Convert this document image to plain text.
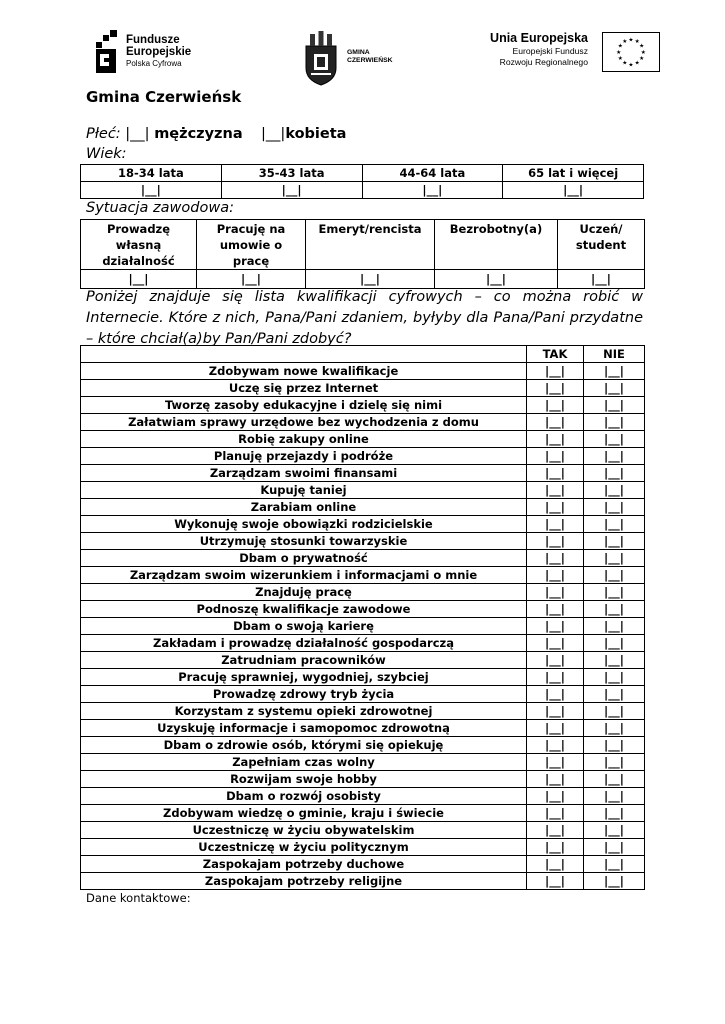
Fundusze
Europejskie
Polska Cyfrowa
GMINA
CZERWIEŃSK
Unia Europejska
Europejski Fundusz
Rozwoju Regionalnego
★ ★
★
★
★
★
★
★
★
★
★
★
Gmina Czerwieńsk
Płeć: |__| mężczyzna |__|kobieta
Wiek:
18-34 lata	35-43 lata	44-64 lata	65 lat i więcej
|__|	|__|	|__|	|__|
Sytuacja zawodowa:
Prowadzę
własną
działalność	Pracuję na
umowie o
pracę	Emeryt/rencista	Bezrobotny(a)	Uczeń/
student
|__|	|__|	|__|	|__|	|__|
Poniżej znajduje się lista kwalifikacji cyfrowych – co można robić w Internecie. Które z nich, Pana/Pani zdaniem, byłyby dla Pana/Pani przydatne – które chciał(a)by Pan/Pani zdobyć?
	TAK	NIE
Zdobywam nowe kwalifikacje	|__|	|__|
Uczę się przez Internet	|__|	|__|
Tworzę zasoby edukacyjne i dzielę się nimi	|__|	|__|
Załatwiam sprawy urzędowe bez wychodzenia z domu	|__|	|__|
Robię zakupy online	|__|	|__|
Planuję przejazdy i podróże	|__|	|__|
Zarządzam swoimi finansami	|__|	|__|
Kupuję taniej	|__|	|__|
Zarabiam online	|__|	|__|
Wykonuję swoje obowiązki rodzicielskie	|__|	|__|
Utrzymuję stosunki towarzyskie	|__|	|__|
Dbam o prywatność	|__|	|__|
Zarządzam swoim wizerunkiem i informacjami o mnie	|__|	|__|
Znajduję pracę	|__|	|__|
Podnoszę kwalifikacje zawodowe	|__|	|__|
Dbam o swoją karierę	|__|	|__|
Zakładam i prowadzę działalność gospodarczą	|__|	|__|
Zatrudniam pracowników	|__|	|__|
Pracuję sprawniej, wygodniej, szybciej	|__|	|__|
Prowadzę zdrowy tryb życia	|__|	|__|
Korzystam z systemu opieki zdrowotnej	|__|	|__|
Uzyskuję informacje i samopomoc zdrowotną	|__|	|__|
Dbam o zdrowie osób, którymi się opiekuję	|__|	|__|
Zapełniam czas wolny	|__|	|__|
Rozwijam swoje hobby	|__|	|__|
Dbam o rozwój osobisty	|__|	|__|
Zdobywam wiedzę o gminie, kraju i świecie	|__|	|__|
Uczestniczę w życiu obywatelskim	|__|	|__|
Uczestniczę w życiu politycznym	|__|	|__|
Zaspokajam potrzeby duchowe	|__|	|__|
Zaspokajam potrzeby religijne	|__|	|__|
Dane kontaktowe:
